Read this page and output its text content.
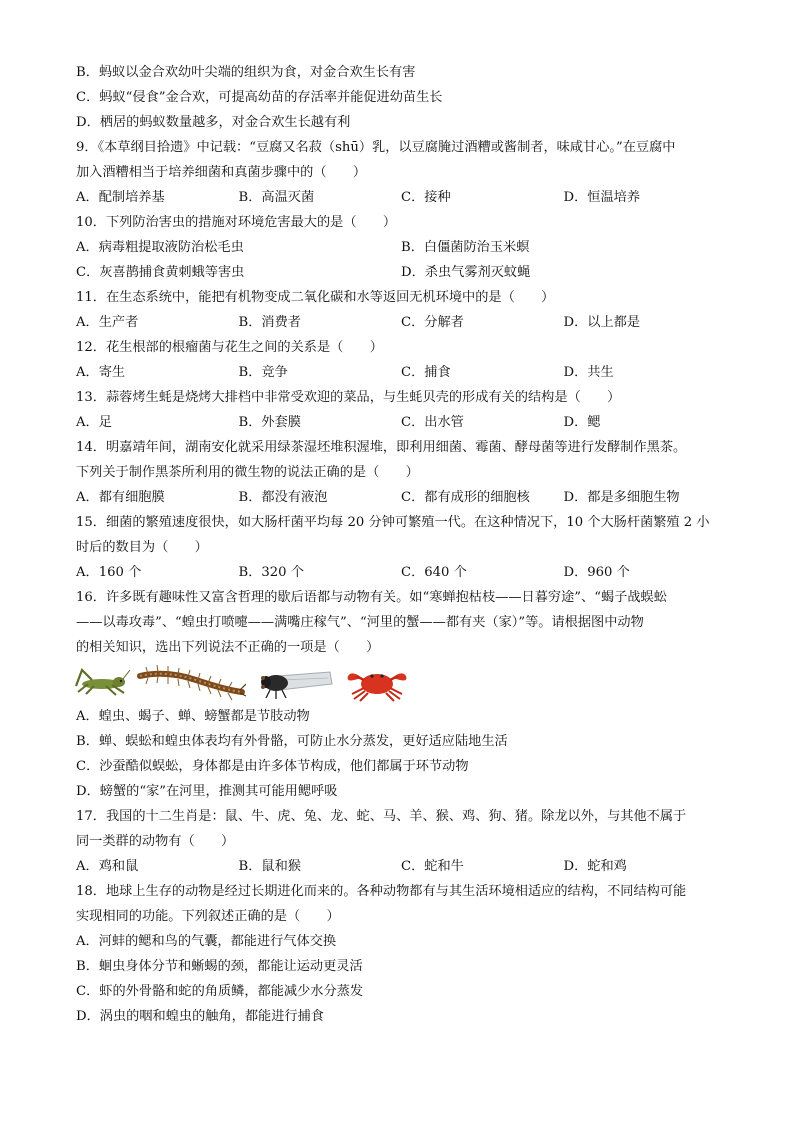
B．蚂蚁以金合欢幼叶尖端的组织为食，对金合欢生长有害
C．蚂蚁“侵食”金合欢，可提高幼苗的存活率并能促进幼苗生长
D．栖居的蚂蚁数量越多，对金合欢生长越有利
9．《本草纲目拾遗》中记载：“豆腐又名菽（shū）乳，以豆腐腌过酒糟或酱制者，味咸甘心。”在豆腐中
加入酒糟相当于培养细菌和真菌步骤中的（　　）
A．配制培养基	B．高温灭菌	C．接种	D．恒温培养
10．下列防治害虫的措施对环境危害最大的是（　　）
A．病毒粗提取液防治松毛虫	B．白僵菌防治玉米螟
C．灰喜鹊捕食黄刺蛾等害虫	D．杀虫气雾剂灭蚊蝇
11．在生态系统中，能把有机物变成二氧化碳和水等返回无机环境中的是（　　）
A．生产者	B．消费者	C．分解者	D．以上都是
12．花生根部的根瘤菌与花生之间的关系是（　　）
A．寄生	B．竞争	C．捕食	D．共生
13．蒜蓉烤生蚝是烧烤大排档中非常受欢迎的菜品，与生蚝贝壳的形成有关的结构是（　　）
A．足	B．外套膜	C．出水管	D．鳃
14．明嘉靖年间，湖南安化就采用绿茶湿坯堆积渥堆，即利用细菌、霉菌、酵母菌等进行发酵制作黑茶。
下列关于制作黑茶所利用的微生物的说法正确的是（　　）
A．都有细胞膜	B．都没有液泡	C．都有成形的细胞核	D．都是多细胞生物
15．细菌的繁殖速度很快，如大肠杆菌平均每 20 分钟可繁殖一代。在这种情况下，10 个大肠杆菌繁殖 2 小
时后的数目为（　　）
A．160 个	B．320 个	C．640 个	D．960 个
16．许多既有趣味性又富含哲理的歇后语都与动物有关。如“寒蝉抱枯枝——日暮穷途”、“蝎子战蜈蚣
——以毒攻毒”、“蝗虫打喷嚏——满嘴庄稼气”、“河里的蟹——都有夹（家）”等。请根据图中动物
的相关知识，选出下列说法不正确的一项是（　　）
A．蝗虫、蝎子、蝉、螃蟹都是节肢动物
B．蝉、蜈蚣和蝗虫体表均有外骨骼，可防止水分蒸发，更好适应陆地生活
C．沙蚕酷似蜈蚣，身体都是由许多体节构成，他们都属于环节动物
D．螃蟹的“家”在河里，推测其可能用鳃呼吸
17．我国的十二生肖是：鼠、牛、虎、兔、龙、蛇、马、羊、猴、鸡、狗、猪。除龙以外，与其他不属于
同一类群的动物有（　　）
A．鸡和鼠	B．鼠和猴	C．蛇和牛	D．蛇和鸡
18．地球上生存的动物是经过长期进化而来的。各种动物都有与其生活环境相适应的结构，不同结构可能
实现相同的功能。下列叙述正确的是（　　）
A．河蚌的鳃和鸟的气囊，都能进行气体交换
B．蛔虫身体分节和蜥蜴的颈，都能让运动更灵活
C．虾的外骨骼和蛇的角质鳞，都能减少水分蒸发
D．涡虫的咽和蝗虫的触角，都能进行捕食
